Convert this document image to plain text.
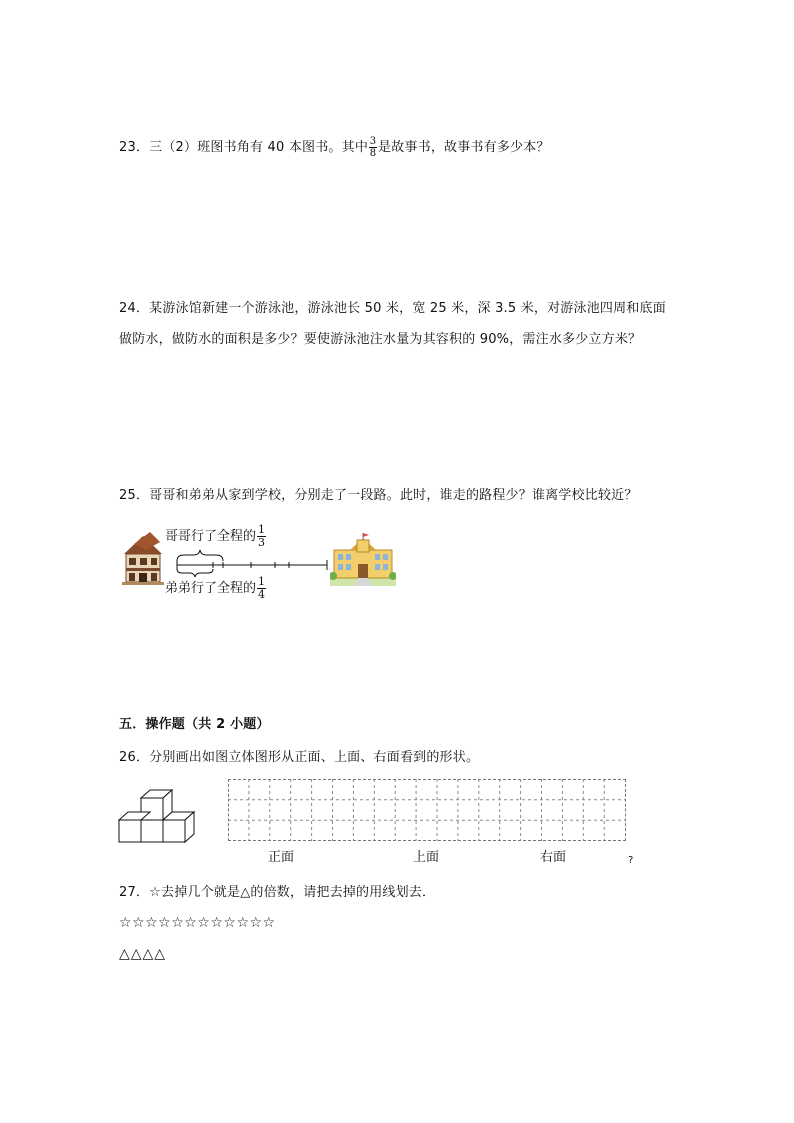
23．三（2）班图书角有 40 本图书。其中 $\frac{3}{8}$ 是故事书，故事书有多少本？
24．某游泳馆新建一个游泳池，游泳池长 50 米，宽 25 米，深 3.5 米，对游泳池四周和底面
做防水，做防水的面积是多少？要使游泳池注水量为其容积的 90%，需注水多少立方米？
25．哥哥和弟弟从家到学校，分别走了一段路。此时，谁走的路程少？谁离学校比较近？
哥哥行了全程的 $\frac{1}{3}$
弟弟行了全程的 $\frac{1}{4}$
五．操作题（共 2 小题）
26．分别画出如图立体图形从正面、上面、右面看到的形状。
正面	上面	右面	?
27．☆去掉几个就是△的倍数，请把去掉的用线划去．
☆☆☆☆☆☆☆☆☆☆☆☆
△△△△
